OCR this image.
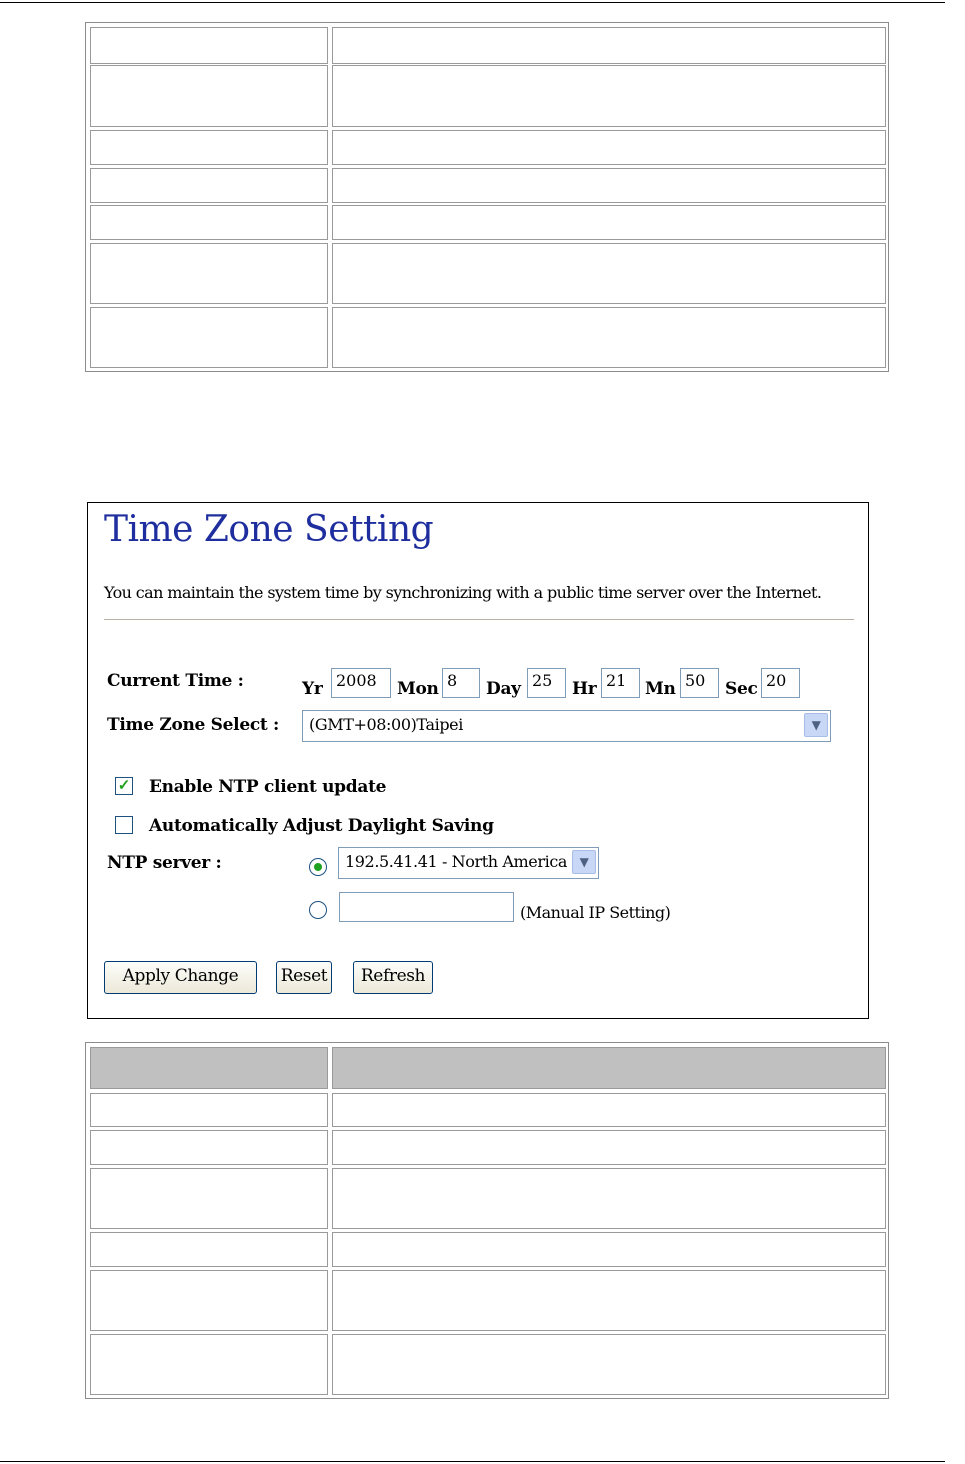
Time Zone Setting
You can maintain the system time by synchronizing with a public time server over the Internet.
Current Time :	Yr 2008	Mon 8	Day 25	Hr 21	Mn 50	Sec 20
Time Zone Select :	(GMT+08:00)Taipei	▼
✓ Enable NTP client update
Automatically Adjust Daylight Saving
NTP server :	192.5.41.41 - North America	▼
(Manual IP Setting)
Apply Change	Reset	Refresh
